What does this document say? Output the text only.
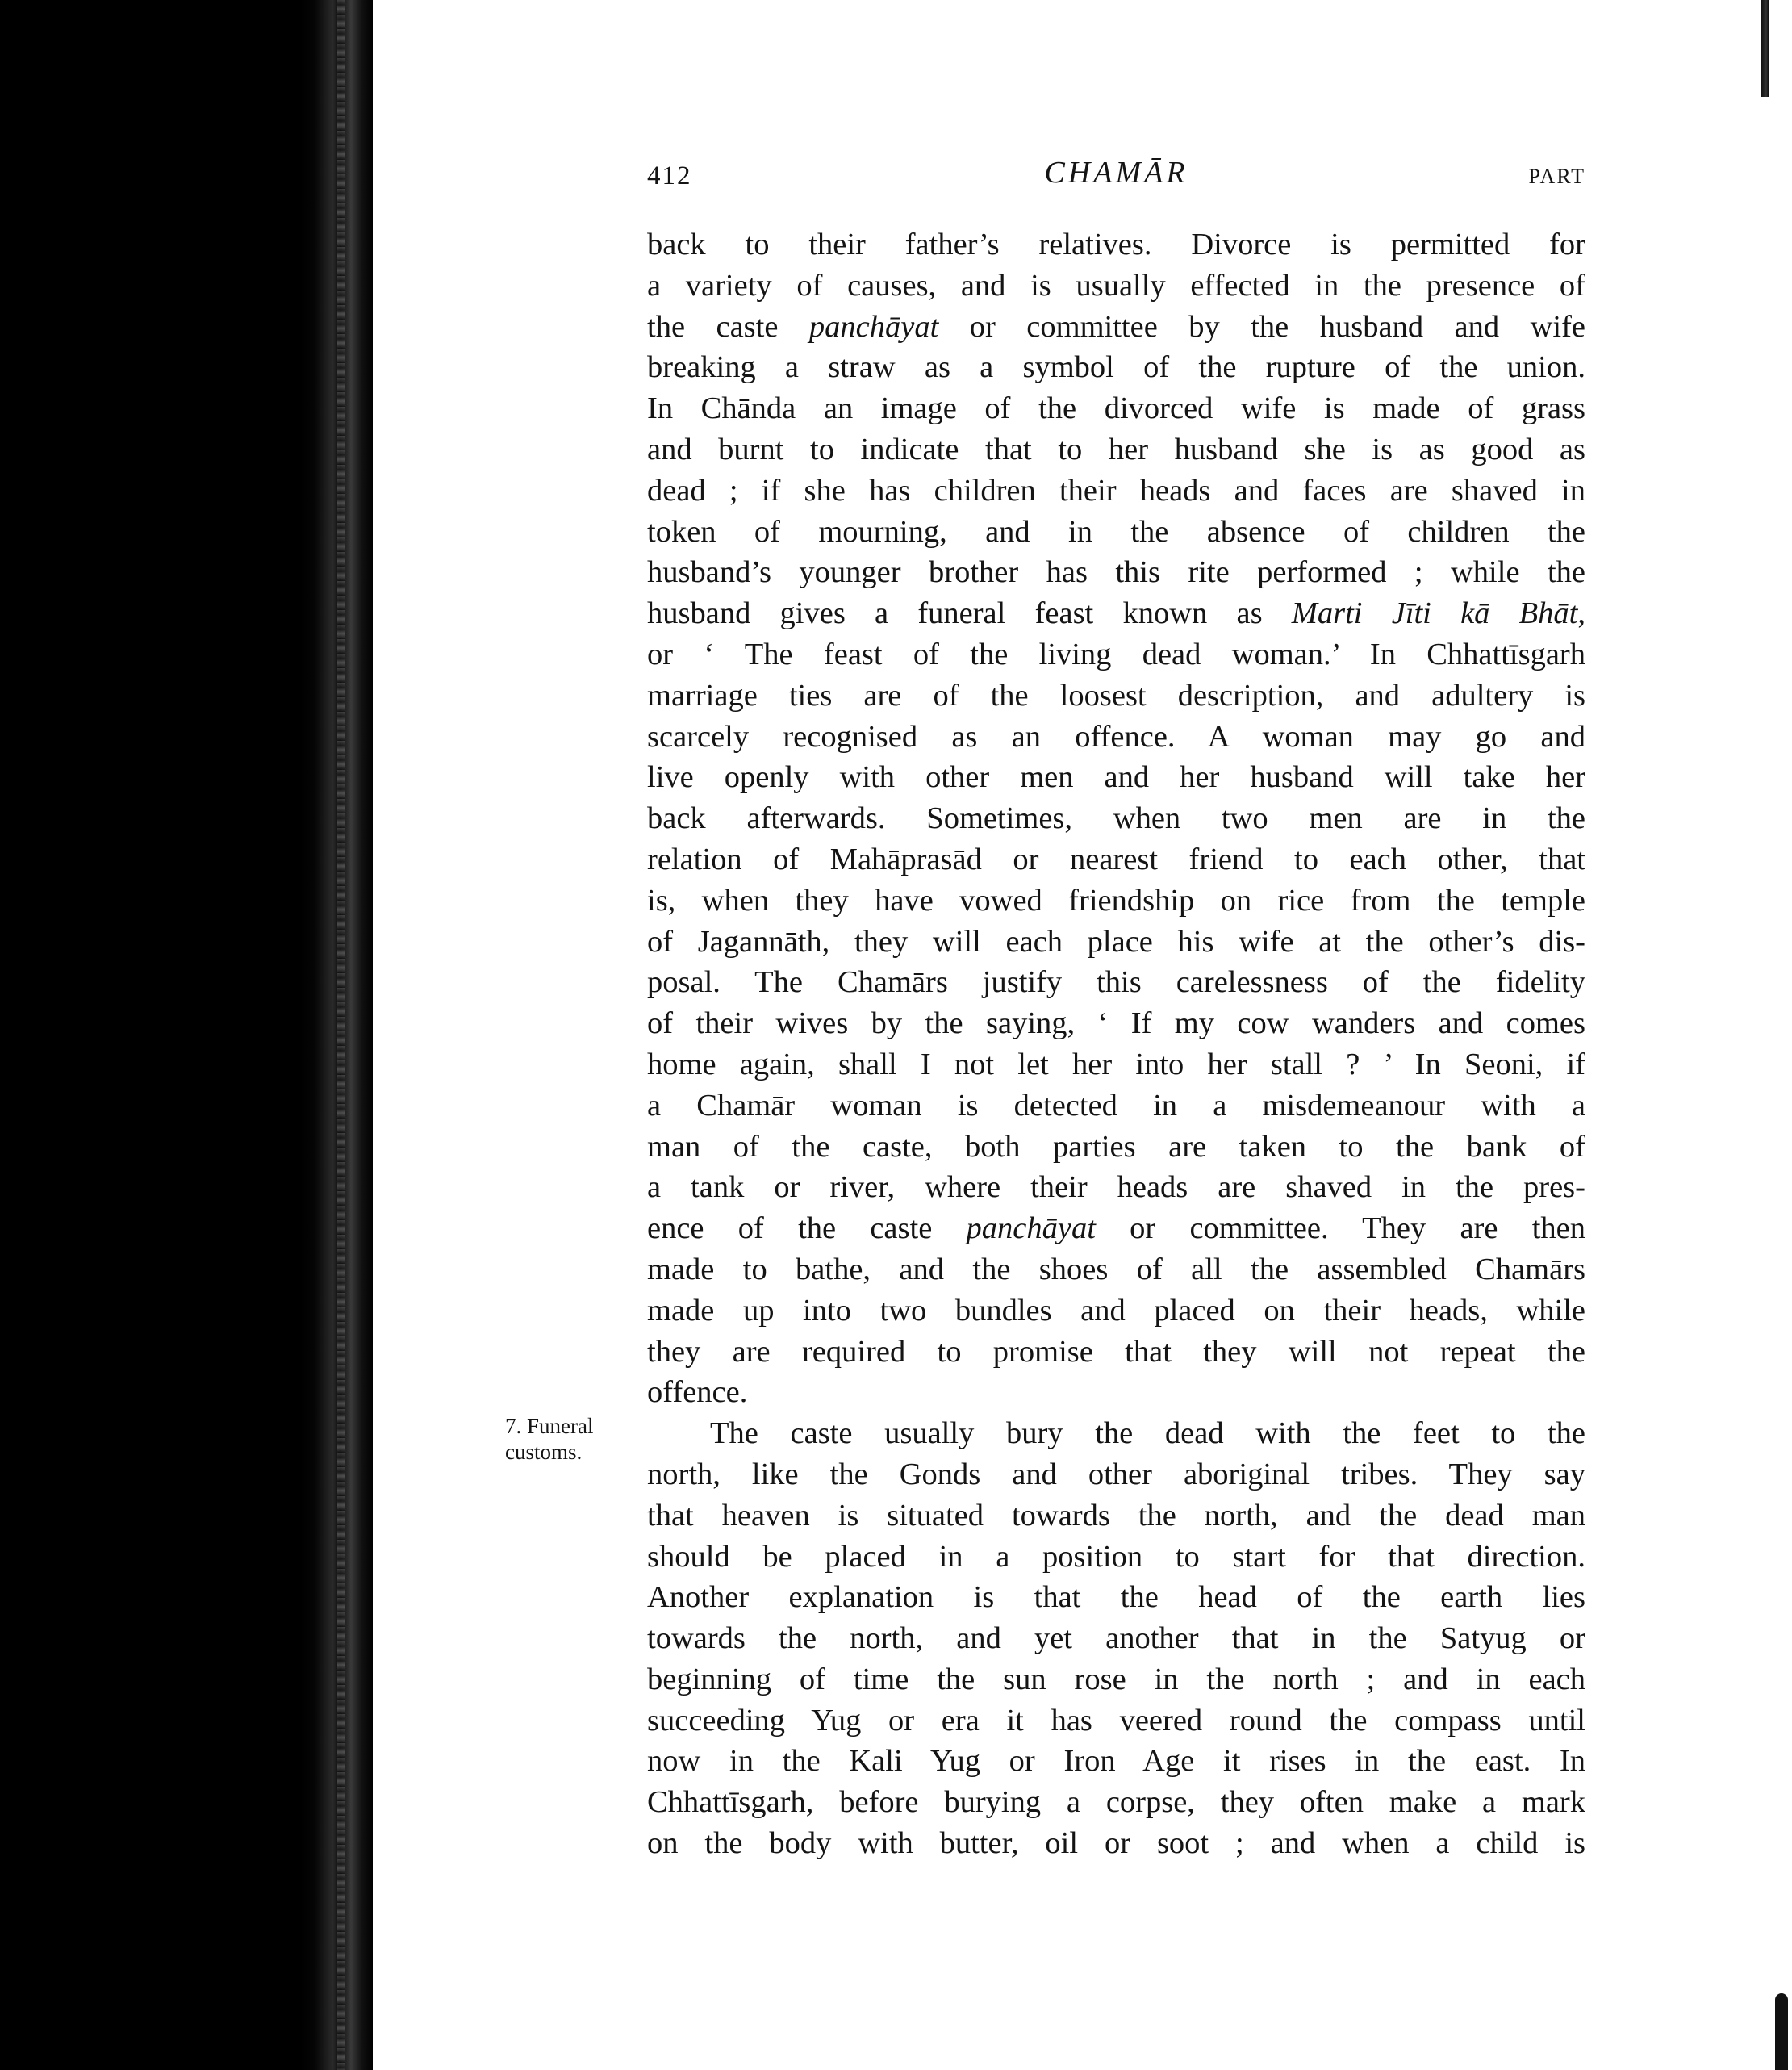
412	CHAMĀR	PART
7. Funeral
customs.
back to their father’s relatives. Divorce is permitted for
a variety of causes, and is usually effected in the presence of
the caste panchāyat or committee by the husband and wife
breaking a straw as a symbol of the rupture of the union.
In Chānda an image of the divorced wife is made of grass
and burnt to indicate that to her husband she is as good as
dead ; if she has children their heads and faces are shaved in
token of mourning, and in the absence of children the
husband’s younger brother has this rite performed ; while the
husband gives a funeral feast known as Marti Jīti kā Bhāt,
or ‘ The feast of the living dead woman.’ In Chhattīsgarh
marriage ties are of the loosest description, and adultery is
scarcely recognised as an offence. A woman may go and
live openly with other men and her husband will take her
back afterwards. Sometimes, when two men are in the
relation of Mahāprasād or nearest friend to each other, that
is, when they have vowed friendship on rice from the temple
of Jagannāth, they will each place his wife at the other’s dis-
posal. The Chamārs justify this carelessness of the fidelity
of their wives by the saying, ‘ If my cow wanders and comes
home again, shall I not let her into her stall ? ’ In Seoni, if
a Chamār woman is detected in a misdemeanour with a
man of the caste, both parties are taken to the bank of
a tank or river, where their heads are shaved in the pres-
ence of the caste panchāyat or committee. They are then
made to bathe, and the shoes of all the assembled Chamārs
made up into two bundles and placed on their heads, while
they are required to promise that they will not repeat the
offence.
The caste usually bury the dead with the feet to the
north, like the Gonds and other aboriginal tribes. They say
that heaven is situated towards the north, and the dead man
should be placed in a position to start for that direction.
Another explanation is that the head of the earth lies
towards the north, and yet another that in the Satyug or
beginning of time the sun rose in the north ; and in each
succeeding Yug or era it has veered round the compass until
now in the Kali Yug or Iron Age it rises in the east. In
Chhattīsgarh, before burying a corpse, they often make a mark
on the body with butter, oil or soot ; and when a child is
